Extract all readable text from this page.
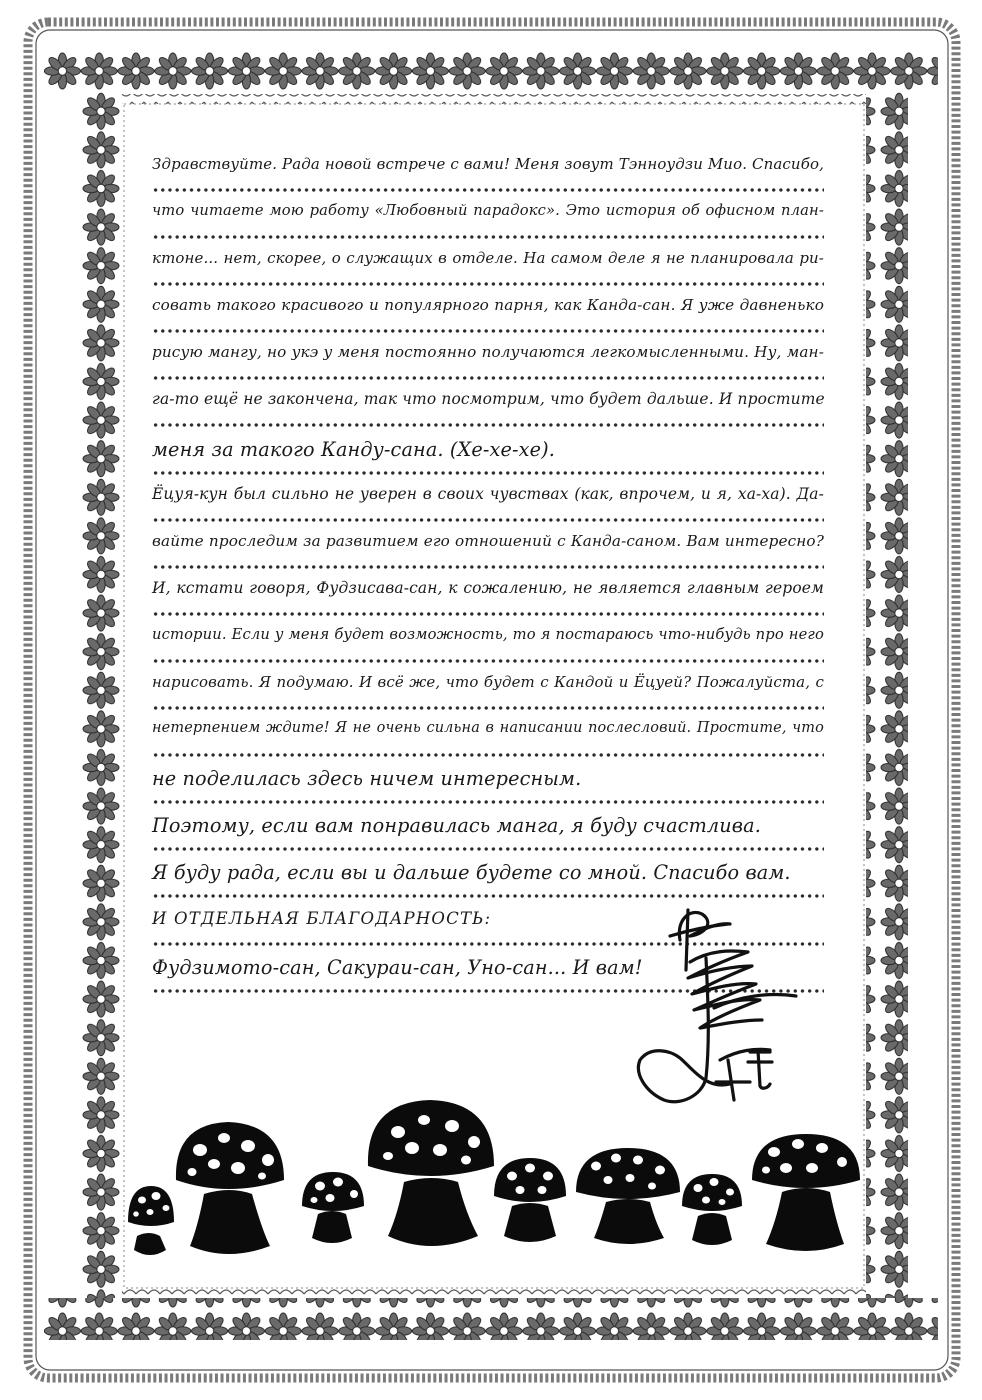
Здравствуйте. Рада новой встрече с вами! Меня зовут Тэнноудзи Мио. Спасибо,
что читаете мою работу «Любовный парадокс». Это история об офисном план-
ктоне... нет, скорее, о служащих в отделе. На самом деле я не планировала ри-
совать такого красивого и популярного парня, как Канда-сан. Я уже давненько
рисую мангу, но укэ у меня постоянно получаются легкомысленными. Ну, ман-
га-то ещё не закончена, так что посмотрим, что будет дальше. И простите
меня за такого Канду-сана. (Хе-хе-хе).
Ёцуя-кун был сильно не уверен в своих чувствах (как, впрочем, и я, ха-ха). Да-
вайте проследим за развитием его отношений с Канда-саном. Вам интересно?
И, кстати говоря, Фудзисава-сан, к сожалению, не является главным героем
истории. Если у меня будет возможность, то я постараюсь что-нибудь про него
нарисовать. Я подумаю. И всё же, что будет с Кандой и Ёцуей? Пожалуйста, с
нетерпением ждите! Я не очень сильна в написании послесловий. Простите, что
не поделилась здесь ничем интересным.
Поэтому, если вам понравилась манга, я буду счастлива.
Я буду рада, если вы и дальше будете со мной. Спасибо вам.
И ОТДЕЛЬНАЯ БЛАГОДАРНОСТЬ:
Фудзимото-сан, Сакураи-сан, Уно-сан... И вам!
